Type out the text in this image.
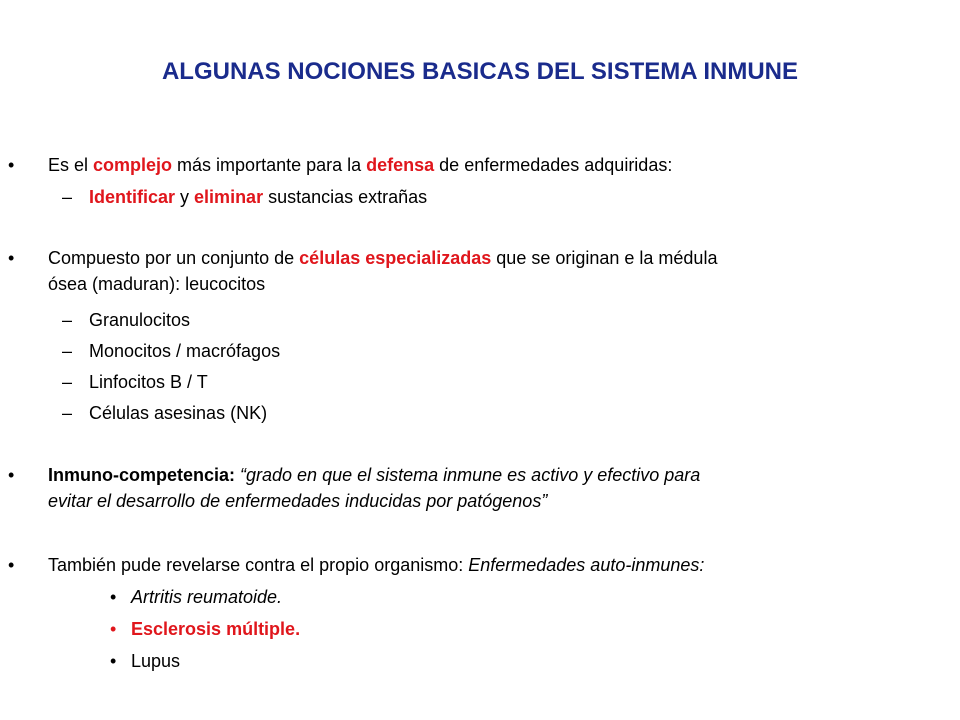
ALGUNAS NOCIONES BASICAS DEL SISTEMA INMUNE
• Es el complejo más importante para la defensa de enfermedades adquiridas:
– Identificar y eliminar sustancias extrañas
• Compuesto por un conjunto de células especializadas que se originan e la médula
ósea (maduran): leucocitos
– Granulocitos
– Monocitos / macrófagos
– Linfocitos B / T
– Células asesinas (NK)
• Inmuno-competencia: “grado en que el sistema inmune es activo y efectivo para
evitar el desarrollo de enfermedades inducidas por patógenos”
• También pude revelarse contra el propio organismo: Enfermedades auto-inmunes:
• Artritis reumatoide.
• Esclerosis múltiple.
• Lupus
